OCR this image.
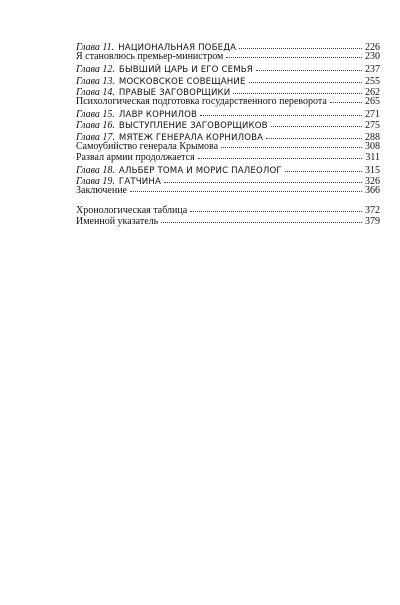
Глава 11. НАЦИОНАЛЬНАЯ ПОБЕДА	226
Я становлюсь премьер-министром	230
Глава 12. БЫВШИЙ ЦАРЬ И ЕГО СЕМЬЯ	237
Глава 13. МОСКОВСКОЕ СОВЕЩАНИЕ	255
Глава 14. ПРАВЫЕ ЗАГОВОРЩИКИ	262
Психологическая подготовка государственного переворота	265
Глава 15. ЛАВР КОРНИЛОВ	271
Глава 16. ВЫСТУПЛЕНИЕ ЗАГОВОРЩИКОВ	275
Глава 17. МЯТЕЖ ГЕНЕРАЛА КОРНИЛОВА	288
Самоубийство генерала Крымова	308
Развал армии продолжается	311
Глава 18. АЛЬБЕР ТОМА И МОРИС ПАЛЕОЛОГ	315
Глава 19. ГАТЧИНА	326
Заключение	366
Хронологическая таблица	372
Именной указатель	379
